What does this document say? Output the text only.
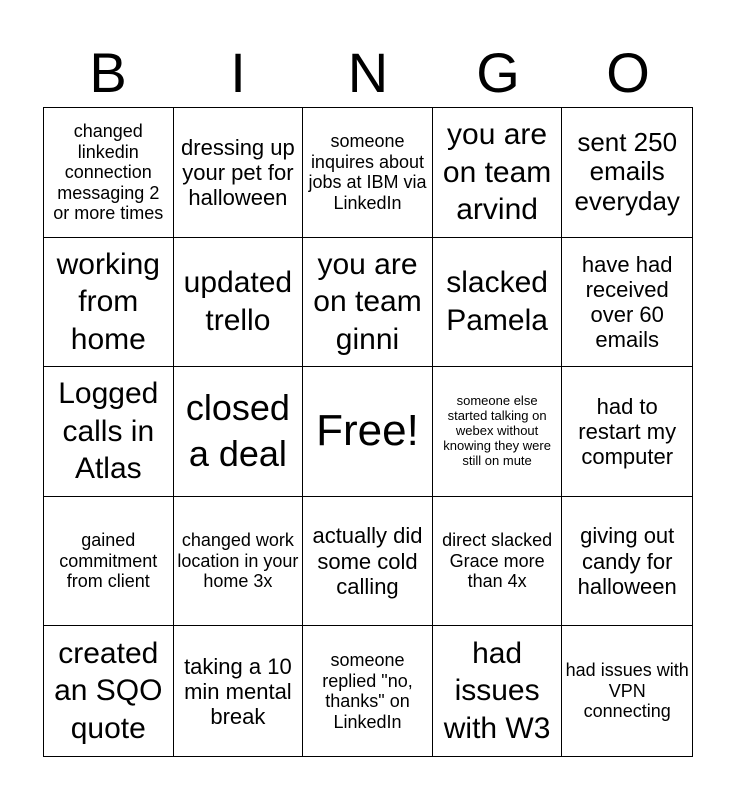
B	I	N	G	O
changed linkedin connection messaging 2 or more times
dressing up your pet for halloween
someone inquires about jobs at IBM via LinkedIn
you are on team arvind
sent 250 emails everyday
working from home
updated trello
you are on team ginni
slacked Pamela
have had received over 60 emails
Logged calls in Atlas
closed a deal Free!
someone else started talking on webex without knowing they were still on mute
had to restart my computer
gained commitment from client
changed work location in your home 3x
actually did some cold calling
direct slacked Grace more than 4x
giving out candy for halloween
created an SQO quote
taking a 10 min mental break
someone replied "no, thanks" on LinkedIn
had issues with W3
had issues with VPN connecting
